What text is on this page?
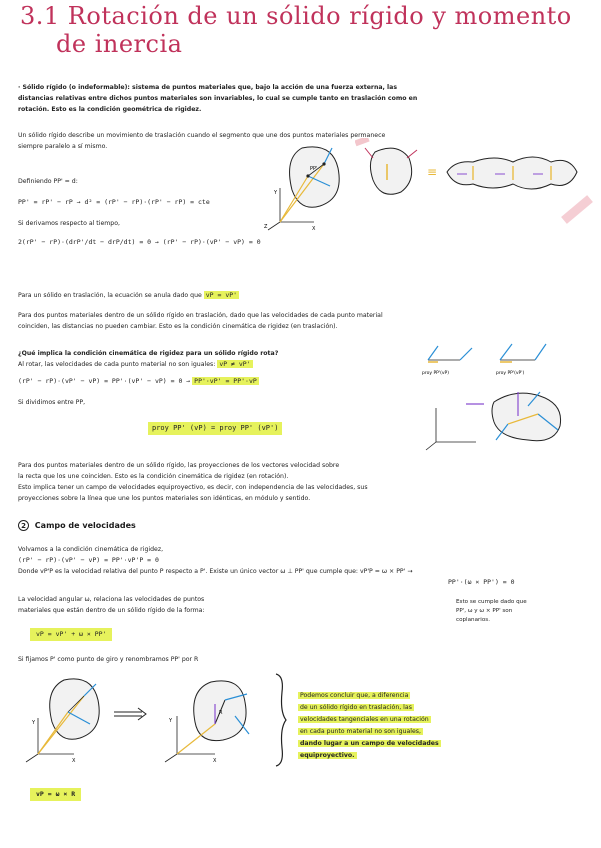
3.1 Rotación de un sólido rígido y momento
de inercia
· Sólido rígido (o indeformable): sistema de puntos materiales que, bajo la acción de una fuerza externa, las
distancias relativas entre dichos puntos materiales son invariables, lo cual se cumple tanto en traslación como en
rotación. Esto es la condición geométrica de rigidez.
Un sólido rígido describe un movimiento de traslación cuando el segmento que une dos puntos materiales permanece
siempre paralelo a sí mismo.
Definiendo PP' = d:
PP' = rP' − rP → d² = (rP' − rP)·(rP' − rP) = cte
Si derivamos respecto al tiempo,
2(rP' − rP)·(drP'/dt − drP/dt) = 0 → (rP' − rP)·(vP' − vP) = 0
Y
X
Z
PP'	≡
Para un sólido en traslación, la ecuación se anula dado que vP = vP'
Para dos puntos materiales dentro de un sólido rígido en traslación, dado que las velocidades de cada punto material
coinciden, las distancias no pueden cambiar. Esto es la condición cinemática de rigidez (en traslación).
¿Qué implica la condición cinemática de rigidez para un sólido rígido rota?
Al rotar, las velocidades de cada punto material no son iguales: vP ≠ vP'
(rP' − rP)·(vP' − vP) = PP'·(vP' − vP) = 0 → PP'·vP' = PP'·vP
Si dividimos entre PP,
proy PP' (vP) = proy PP' (vP')
proy PP'(vP)	proy PP'(vP')
Para dos puntos materiales dentro de un sólido rígido, las proyecciones de los vectores velocidad sobre
la recta que los une coinciden. Esto es la condición cinemática de rigidez (en rotación).
Esto implica tener un campo de velocidades equiproyectivo, es decir, con independencia de las velocidades, sus
proyecciones sobre la línea que une los puntos materiales son idénticas, en módulo y sentido.
2 Campo de velocidades
Volvamos a la condición cinemática de rigidez,
(rP' − rP)·(vP' − vP) = PP'·vP'P = 0
Donde vP'P es la velocidad relativa del punto P respecto a P'. Existe un único vector ω ⊥ PP' que cumple que: vP'P = ω × PP' →
PP'·(ω × PP') = 0
La velocidad angular ω, relaciona las velocidades de puntos
materiales que están dentro de un sólido rígido de la forma:
Esto se cumple dado que
PP', ω y ω × PP' son
coplanarios.
vP = vP' + ω × PP'
Si fijamos P' como punto de giro y renombramos PP' por R
Y
X
R
Y
X
Podemos concluir que, a diferencia
de un sólido rígido en traslación, las
velocidades tangenciales en una rotación
en cada punto material no son iguales,
dando lugar a un campo de velocidades
equiproyectivo.
vP = ω × R
